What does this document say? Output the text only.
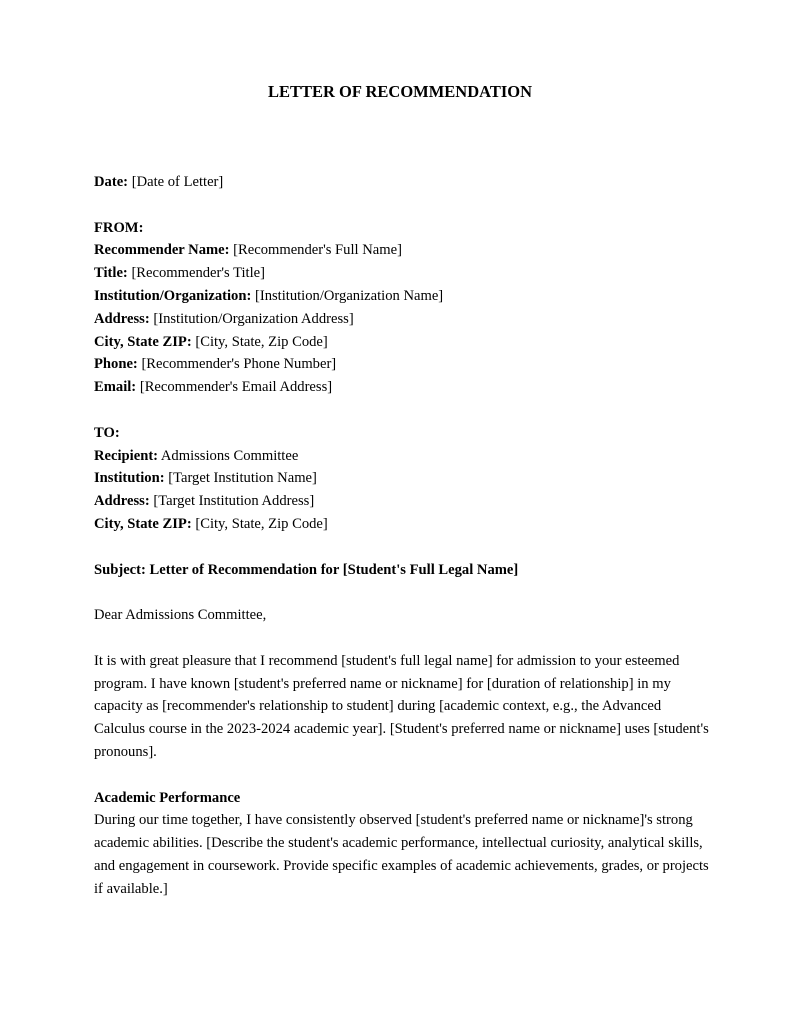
LETTER OF RECOMMENDATION
Date: [Date of Letter]
FROM:
Recommender Name: [Recommender's Full Name]
Title: [Recommender's Title]
Institution/Organization: [Institution/Organization Name]
Address: [Institution/Organization Address]
City, State ZIP: [City, State, Zip Code]
Phone: [Recommender's Phone Number]
Email: [Recommender's Email Address]
TO:
Recipient: Admissions Committee
Institution: [Target Institution Name]
Address: [Target Institution Address]
City, State ZIP: [City, State, Zip Code]
Subject: Letter of Recommendation for [Student's Full Legal Name]
Dear Admissions Committee,
It is with great pleasure that I recommend [student's full legal name] for admission to your esteemed
program. I have known [student's preferred name or nickname] for [duration of relationship] in my
capacity as [recommender's relationship to student] during [academic context, e.g., the Advanced
Calculus course in the 2023-2024 academic year]. [Student's preferred name or nickname] uses [student's
pronouns].
Academic Performance
During our time together, I have consistently observed [student's preferred name or nickname]'s strong
academic abilities. [Describe the student's academic performance, intellectual curiosity, analytical skills,
and engagement in coursework. Provide specific examples of academic achievements, grades, or projects
if available.]
